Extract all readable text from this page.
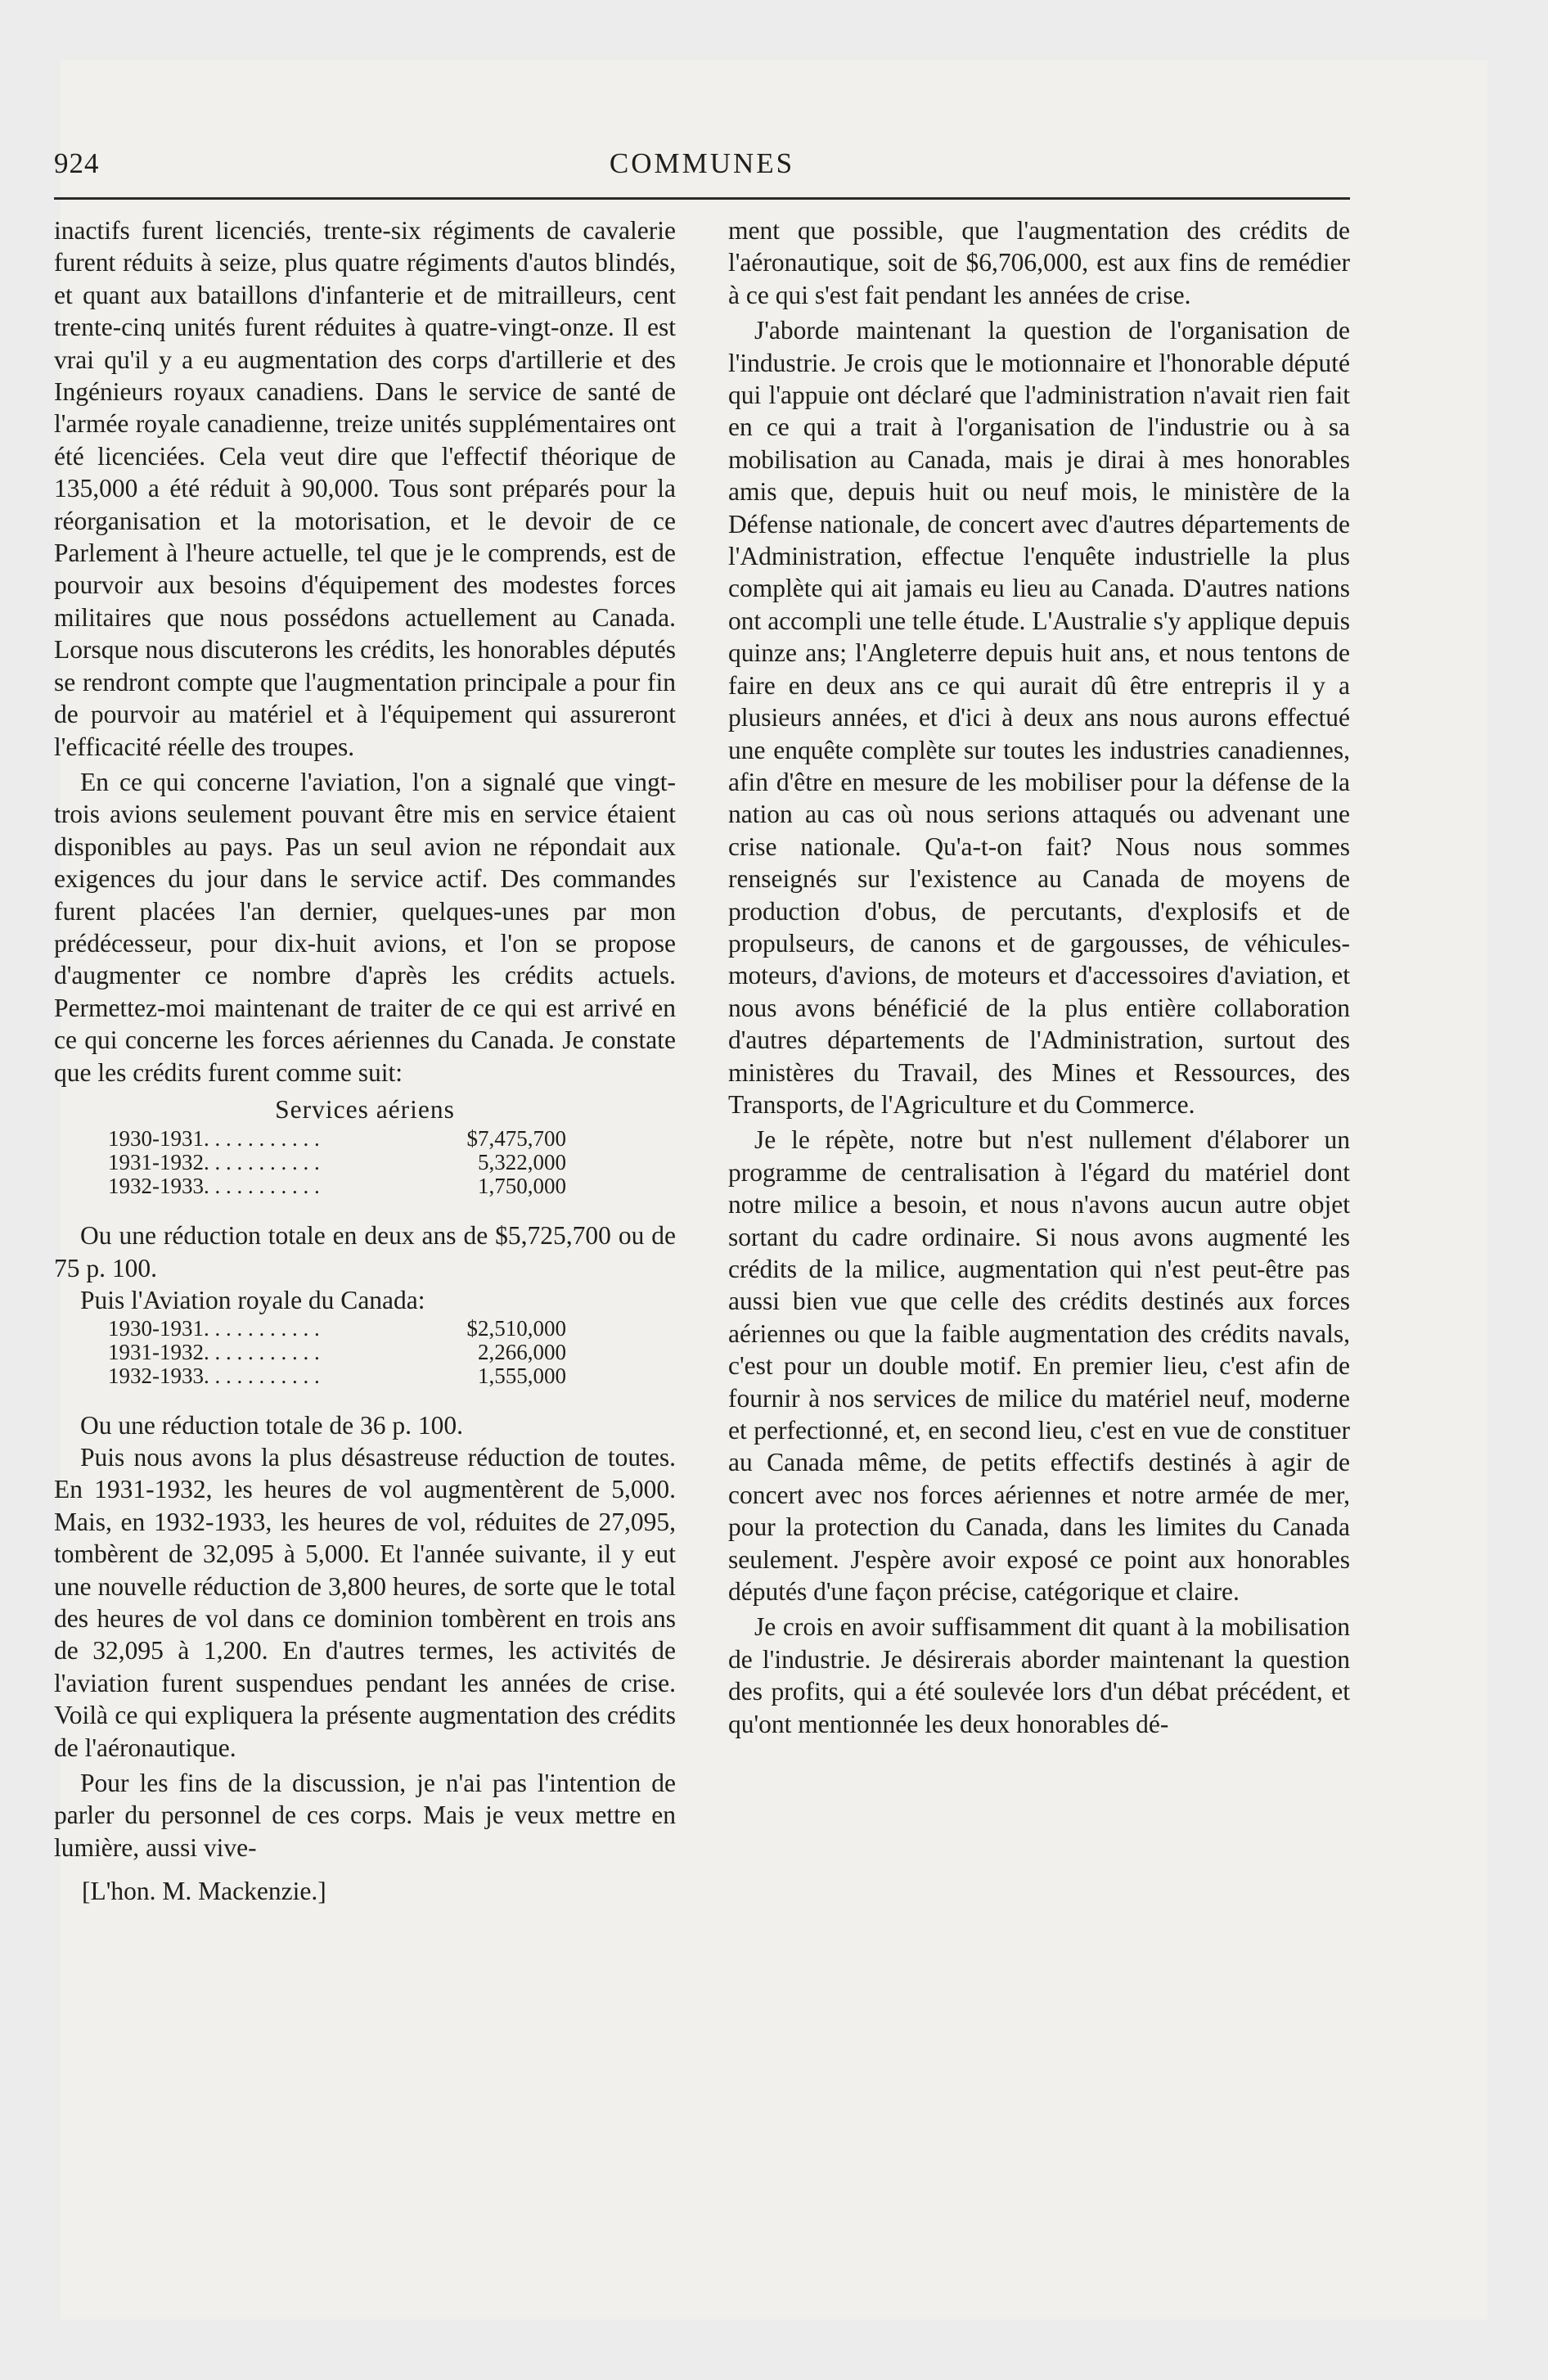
924	COMMUNES

inactifs furent licenciés, trente-six régiments de cavalerie furent réduits à seize, plus quatre régiments d'autos blindés, et quant aux bataillons d'infanterie et de mitrailleurs, cent trente-cinq unités furent réduites à quatre-vingt-onze. Il est vrai qu'il y a eu augmentation des corps d'artillerie et des Ingénieurs royaux canadiens. Dans le service de santé de l'armée royale canadienne, treize unités supplémentaires ont été licenciées. Cela veut dire que l'effectif théorique de 135,000 a été réduit à 90,000. Tous sont préparés pour la réorganisation et la motorisation, et le devoir de ce Parlement à l'heure actuelle, tel que je le comprends, est de pourvoir aux besoins d'équipement des modestes forces militaires que nous possédons actuellement au Canada. Lorsque nous discuterons les crédits, les honorables députés se rendront compte que l'augmentation principale a pour fin de pourvoir au matériel et à l'équipement qui assureront l'efficacité réelle des troupes.

En ce qui concerne l'aviation, l'on a signalé que vingt-trois avions seulement pouvant être mis en service étaient disponibles au pays. Pas un seul avion ne répondait aux exigences du jour dans le service actif. Des commandes furent placées l'an dernier, quelques-unes par mon prédécesseur, pour dix-huit avions, et l'on se propose d'augmenter ce nombre d'après les crédits actuels. Permettez-moi maintenant de traiter de ce qui est arrivé en ce qui concerne les forces aériennes du Canada. Je constate que les crédits furent comme suit:

Services aériens
1930-1931. . . . . . . . . . .	$7,475,700
1931-1932. . . . . . . . . . .	5,322,000
1932-1933. . . . . . . . . . .	1,750,000

Ou une réduction totale en deux ans de $5,725,700 ou de 75 p. 100.

Puis l'Aviation royale du Canada:

1930-1931. . . . . . . . . . .	$2,510,000
1931-1932. . . . . . . . . . .	2,266,000
1932-1933. . . . . . . . . . .	1,555,000

Ou une réduction totale de 36 p. 100.

Puis nous avons la plus désastreuse réduction de toutes. En 1931-1932, les heures de vol augmentèrent de 5,000. Mais, en 1932-1933, les heures de vol, réduites de 27,095, tombèrent de 32,095 à 5,000. Et l'année suivante, il y eut une nouvelle réduction de 3,800 heures, de sorte que le total des heures de vol dans ce dominion tombèrent en trois ans de 32,095 à 1,200. En d'autres termes, les activités de l'aviation furent suspendues pendant les années de crise. Voilà ce qui expliquera la présente augmentation des crédits de l'aéronautique.

Pour les fins de la discussion, je n'ai pas l'intention de parler du personnel de ces corps. Mais je veux mettre en lumière, aussi vive-

[L'hon. M. Mackenzie.]

ment que possible, que l'augmentation des crédits de l'aéronautique, soit de $6,706,000, est aux fins de remédier à ce qui s'est fait pendant les années de crise.

J'aborde maintenant la question de l'organisation de l'industrie. Je crois que le motionnaire et l'honorable député qui l'appuie ont déclaré que l'administration n'avait rien fait en ce qui a trait à l'organisation de l'industrie ou à sa mobilisation au Canada, mais je dirai à mes honorables amis que, depuis huit ou neuf mois, le ministère de la Défense nationale, de concert avec d'autres départements de l'Administration, effectue l'enquête industrielle la plus complète qui ait jamais eu lieu au Canada. D'autres nations ont accompli une telle étude. L'Australie s'y applique depuis quinze ans; l'Angleterre depuis huit ans, et nous tentons de faire en deux ans ce qui aurait dû être entrepris il y a plusieurs années, et d'ici à deux ans nous aurons effectué une enquête complète sur toutes les industries canadiennes, afin d'être en mesure de les mobiliser pour la défense de la nation au cas où nous serions attaqués ou advenant une crise nationale. Qu'a-t-on fait? Nous nous sommes renseignés sur l'existence au Canada de moyens de production d'obus, de percutants, d'explosifs et de propulseurs, de canons et de gargousses, de véhicules-moteurs, d'avions, de moteurs et d'accessoires d'aviation, et nous avons bénéficié de la plus entière collaboration d'autres départements de l'Administration, surtout des ministères du Travail, des Mines et Ressources, des Transports, de l'Agriculture et du Commerce.

Je le répète, notre but n'est nullement d'élaborer un programme de centralisation à l'égard du matériel dont notre milice a besoin, et nous n'avons aucun autre objet sortant du cadre ordinaire. Si nous avons augmenté les crédits de la milice, augmentation qui n'est peut-être pas aussi bien vue que celle des crédits destinés aux forces aériennes ou que la faible augmentation des crédits navals, c'est pour un double motif. En premier lieu, c'est afin de fournir à nos services de milice du matériel neuf, moderne et perfectionné, et, en second lieu, c'est en vue de constituer au Canada même, de petits effectifs destinés à agir de concert avec nos forces aériennes et notre armée de mer, pour la protection du Canada, dans les limites du Canada seulement. J'espère avoir exposé ce point aux honorables députés d'une façon précise, catégorique et claire.

Je crois en avoir suffisamment dit quant à la mobilisation de l'industrie. Je désirerais aborder maintenant la question des profits, qui a été soulevée lors d'un débat précédent, et qu'ont mentionnée les deux honorables dé-
